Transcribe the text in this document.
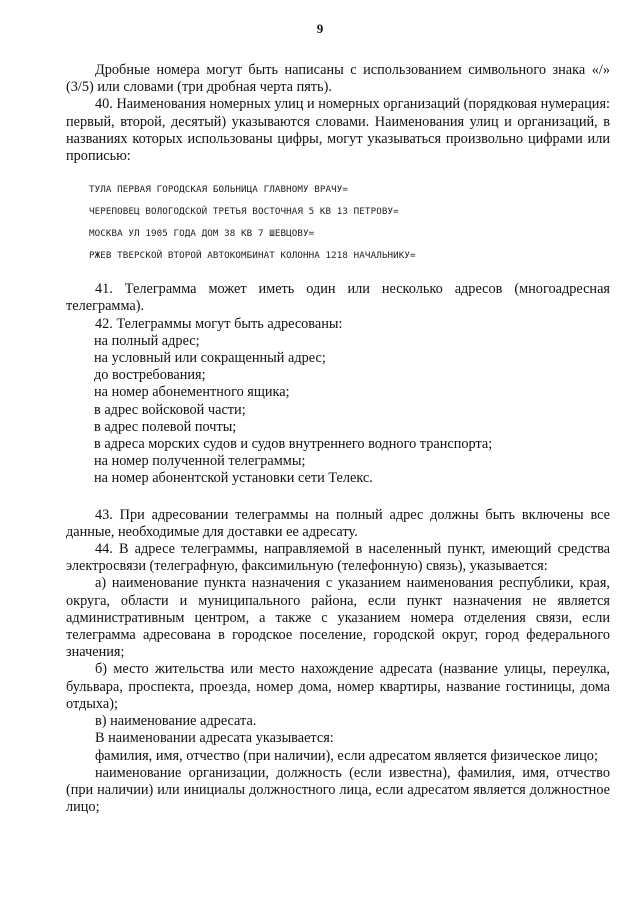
9

Дробные номера могут быть написаны с использованием символьного знака «/» (3/5) или словами (три дробная черта пять).

40. Наименования номерных улиц и номерных организаций (порядковая нумерация: первый, второй, десятый) указываются словами. Наименования улиц и организаций, в названиях которых использованы цифры, могут указываться произвольно цифрами или прописью:

ТУЛА ПЕРВАЯ ГОРОДСКАЯ БОЛЬНИЦА ГЛАВНОМУ ВРАЧУ=
ЧЕРЕПОВЕЦ ВОЛОГОДСКОЙ ТРЕТЬЯ ВОСТОЧНАЯ 5 КВ 13 ПЕТРОВУ=
МОСКВА УЛ 1905 ГОДА ДОМ 38 КВ 7 ШЕВЦОВУ=
РЖЕВ ТВЕРСКОЙ ВТОРОЙ АВТОКОМБИНАТ КОЛОННА 1218 НАЧАЛЬНИКУ=

41. Телеграмма может иметь один или несколько адресов (многоадресная телеграмма).

42. Телеграммы могут быть адресованы:

на полный адрес;

на условный или сокращенный адрес;

до востребования;

на номер абонементного ящика;

в адрес войсковой части;

в адрес полевой почты;

в адреса морских судов и судов внутреннего водного транспорта;

на номер полученной телеграммы;

на номер абонентской установки сети Телекс.

43. При адресовании телеграммы на полный адрес должны быть включены все данные, необходимые для доставки ее адресату.

44. В адресе телеграммы, направляемой в населенный пункт, имеющий средства электросвязи (телеграфную, факсимильную (телефонную) связь), указывается:

а) наименование пункта назначения с указанием наименования республики, края, округа, области и муниципального района, если пункт назначения не является административным центром, а также с указанием номера отделения связи, если телеграмма адресована в городское поселение, городской округ, город федерального значения;

б) место жительства или место нахождение адресата (название улицы, переулка, бульвара, проспекта, проезда, номер дома, номер квартиры, название гостиницы, дома отдыха);

в) наименование адресата.

В наименовании адресата указывается:

фамилия, имя, отчество (при наличии), если адресатом является физическое лицо;

наименование организации, должность (если известна), фамилия, имя, отчество (при наличии) или инициалы должностного лица, если адресатом является должностное лицо;
